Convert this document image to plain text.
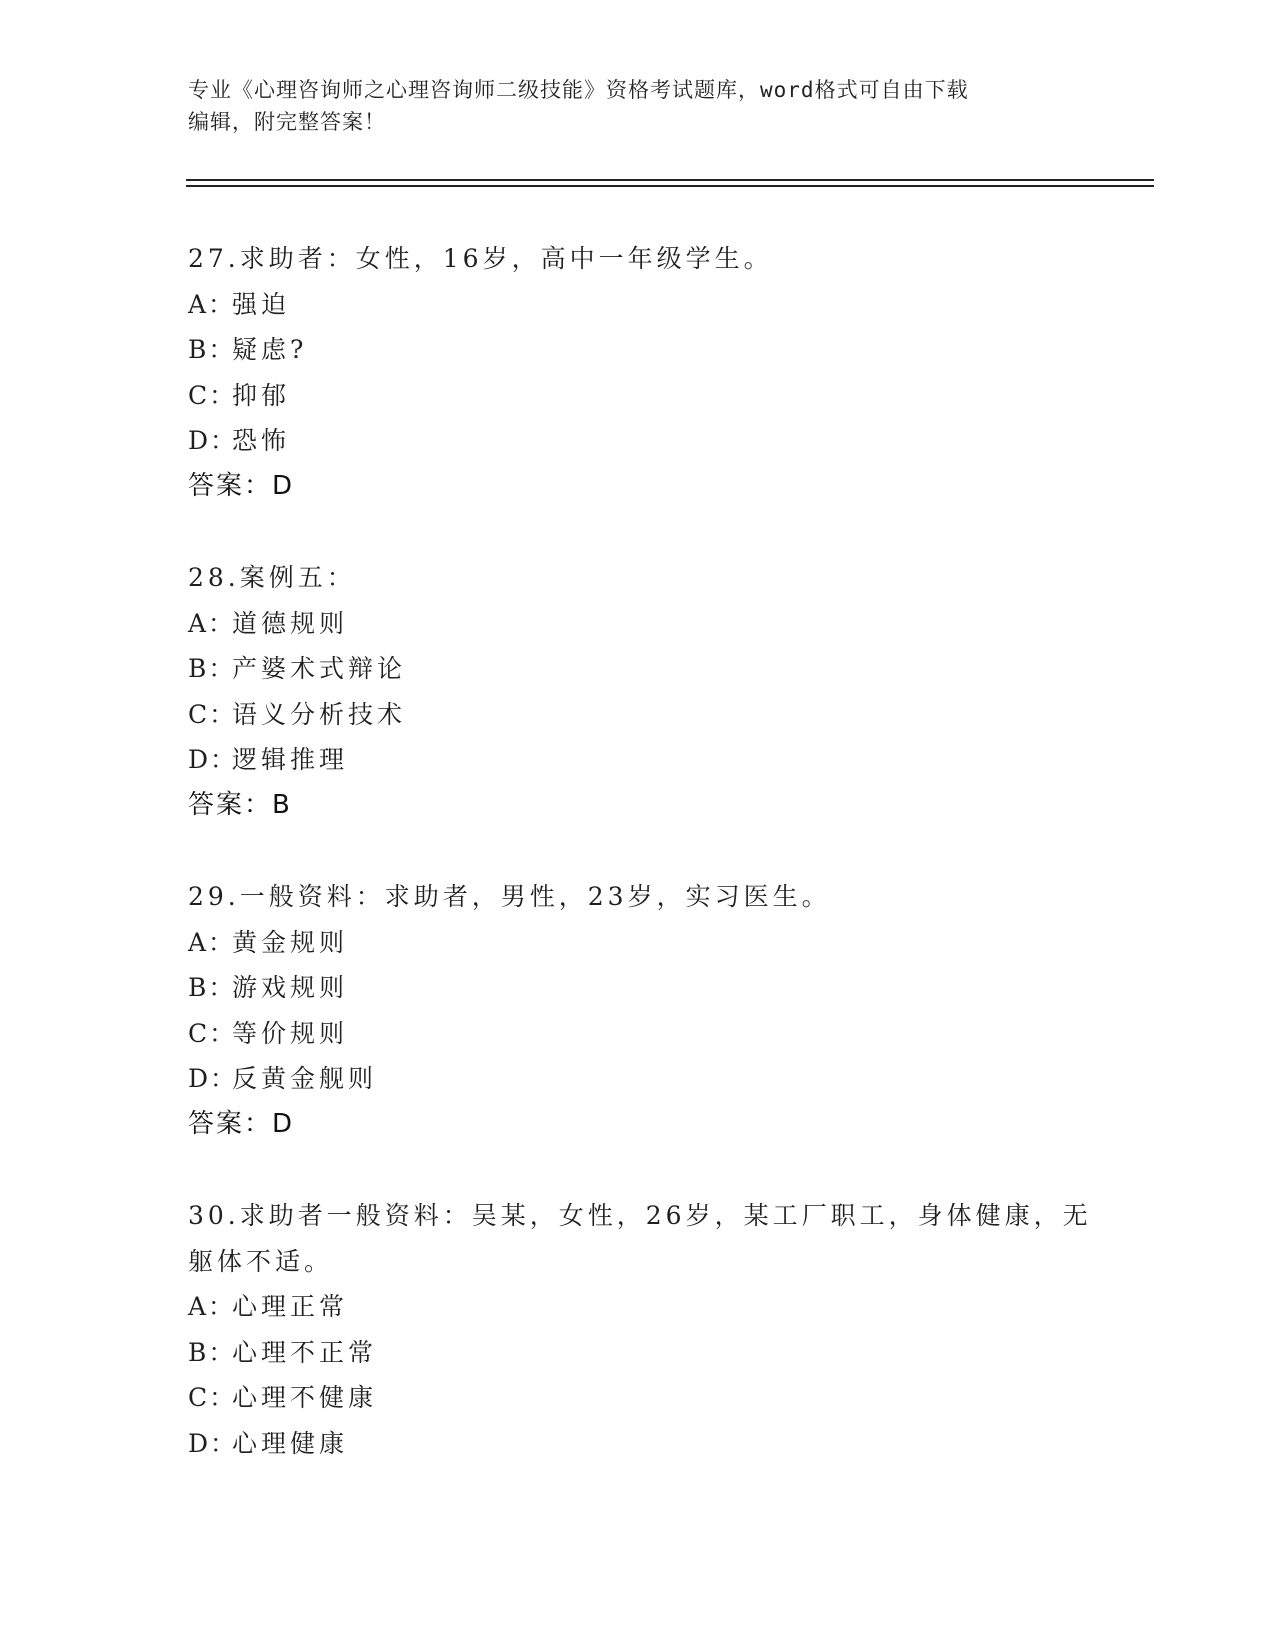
专业《心理咨询师之心理咨询师二级技能》资格考试题库，word格式可自由下载

编辑，附完整答案！

27.求助者：女性，16岁，高中一年级学生。
A：强迫
B：疑虑?
C：抑郁
D：恐怖
答案：D
28.案例五：
A：道德规则
B：产婆术式辩论
C：语义分析技术
D：逻辑推理
答案：B
29.一般资料：求助者，男性，23岁，实习医生。
A：黄金规则
B：游戏规则
C：等价规则
D：反黄金舰则
答案：D
30.求助者一般资料：吴某，女性，26岁，某工厂职工，身体健康，无
躯体不适。
A：心理正常
B：心理不正常
C：心理不健康
D：心理健康
